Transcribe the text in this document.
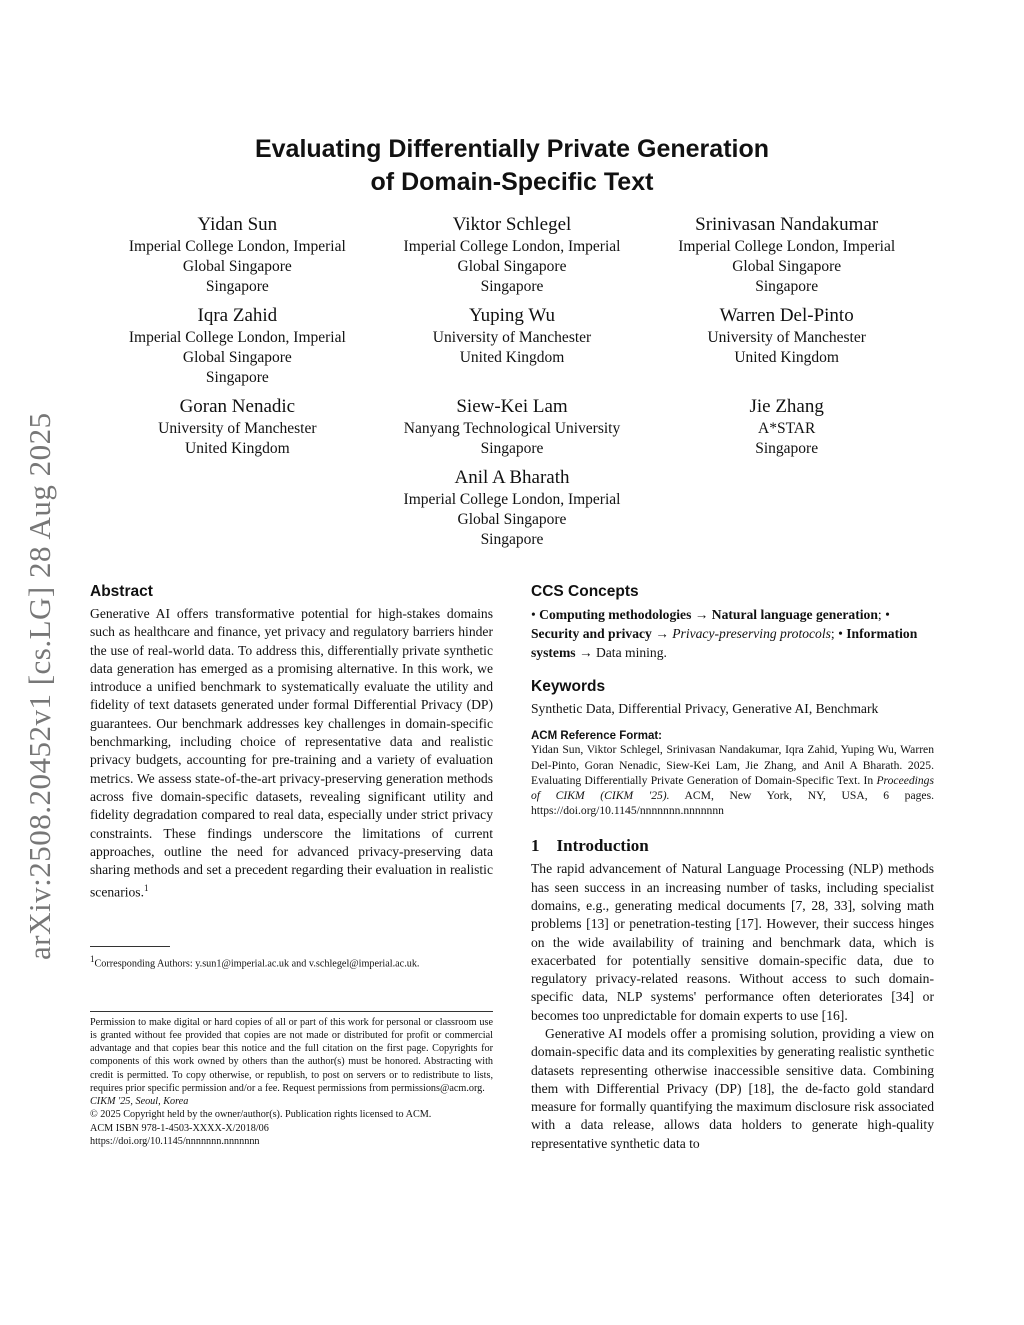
arXiv:2508.20452v1 [cs.LG] 28 Aug 2025
Evaluating Differentially Private Generation
of Domain-Specific Text
Yidan Sun
Imperial College London, Imperial
Global Singapore
Singapore
Viktor Schlegel
Imperial College London, Imperial
Global Singapore
Singapore
Srinivasan Nandakumar
Imperial College London, Imperial
Global Singapore
Singapore
Iqra Zahid
Imperial College London, Imperial
Global Singapore
Singapore
Yuping Wu
University of Manchester
United Kingdom
Warren Del-Pinto
University of Manchester
United Kingdom
Goran Nenadic
University of Manchester
United Kingdom
Siew-Kei Lam
Nanyang Technological University
Singapore
Jie Zhang
A*STAR
Singapore
Anil A Bharath
Imperial College London, Imperial
Global Singapore
Singapore
Abstract

Generative AI offers transformative potential for high-stakes domains such as healthcare and finance, yet privacy and regulatory barriers hinder the use of real-world data. To address this, differentially private synthetic data generation has emerged as a promising alternative. In this work, we introduce a unified benchmark to systematically evaluate the utility and fidelity of text datasets generated under formal Differential Privacy (DP) guarantees. Our benchmark addresses key challenges in domain-specific benchmarking, including choice of representative data and realistic privacy budgets, accounting for pre-training and a variety of evaluation metrics. We assess state-of-the-art privacy-preserving generation methods across five domain-specific datasets, revealing significant utility and fidelity degradation compared to real data, especially under strict privacy constraints. These findings underscore the limitations of current approaches, outline the need for advanced privacy-preserving data sharing methods and set a precedent regarding their evaluation in realistic scenarios.$^1$

1Corresponding Authors: y.sun1@imperial.ac.uk and v.schlegel@imperial.ac.uk.
Permission to make digital or hard copies of all or part of this work for personal or classroom use is granted without fee provided that copies are not made or distributed for profit or commercial advantage and that copies bear this notice and the full citation on the first page. Copyrights for components of this work owned by others than the author(s) must be honored. Abstracting with credit is permitted. To copy otherwise, or republish, to post on servers or to redistribute to lists, requires prior specific permission and/or a fee. Request permissions from permissions@acm.org.
CIKM '25, Seoul, Korea
© 2025 Copyright held by the owner/author(s). Publication rights licensed to ACM.
ACM ISBN 978-1-4503-XXXX-X/2018/06
https://doi.org/10.1145/nnnnnnn.nnnnnnn
CCS Concepts
• Computing methodologies → Natural language generation; • Security and privacy → Privacy-preserving protocols; • Information systems → Data mining.
Keywords

Synthetic Data, Differential Privacy, Generative AI, Benchmark

ACM Reference Format:
Yidan Sun, Viktor Schlegel, Srinivasan Nandakumar, Iqra Zahid, Yuping Wu, Warren Del-Pinto, Goran Nenadic, Siew-Kei Lam, Jie Zhang, and Anil A Bharath. 2025. Evaluating Differentially Private Generation of Domain-Specific Text. In Proceedings of CIKM (CIKM '25). ACM, New York, NY, USA, 6 pages. https://doi.org/10.1145/nnnnnnn.nnnnnnn
1    Introduction

The rapid advancement of Natural Language Processing (NLP) methods has seen success in an increasing number of tasks, including specialist domains, e.g., generating medical documents [7, 28, 33], solving math problems [13] or penetration-testing [17]. However, their success hinges on the wide availability of training and benchmark data, which is exacerbated for potentially sensitive domain-specific data, due to regulatory privacy-related reasons. Without access to such domain-specific data, NLP systems' performance often deteriorates [34] or becomes too unpredictable for domain experts to use [16].

Generative AI models offer a promising solution, providing a view on domain-specific data and its complexities by generating realistic synthetic datasets representing otherwise inaccessible sensitive data. Combining them with Differential Privacy (DP) [18], the de-facto gold standard measure for formally quantifying the maximum disclosure risk associated with a data release, allows data holders to generate high-quality representative synthetic data to
